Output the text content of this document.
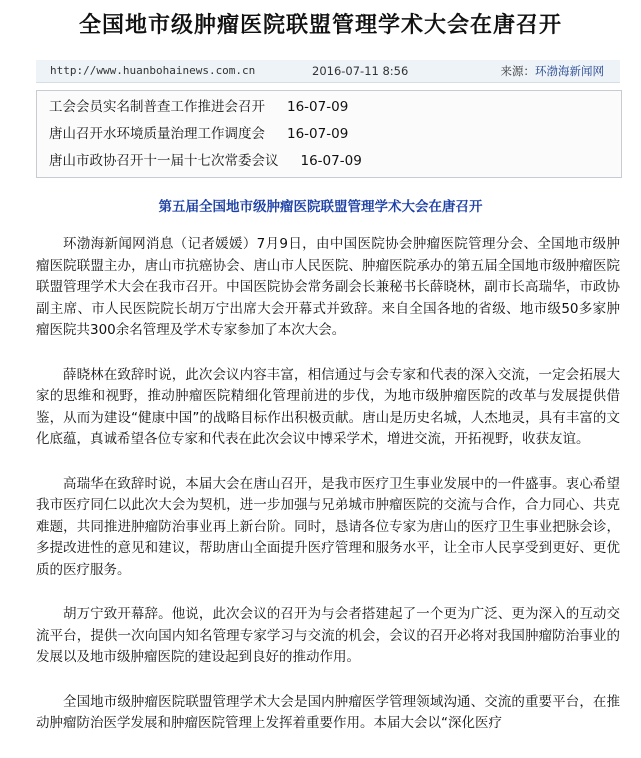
全国地市级肿瘤医院联盟管理学术大会在唐召开
http://www.huanbohainews.com.cn	2016-07-11 8:56	来源：环渤海新闻网
工会会员实名制普查工作推进会召开 16-07-09
唐山召开水环境质量治理工作调度会 16-07-09
唐山市政协召开十一届十七次常委会议 16-07-09
第五届全国地市级肿瘤医院联盟管理学术大会在唐召开

环渤海新闻网消息（记者媛媛）7月9日，由中国医院协会肿瘤医院管理分会、全国地市级肿瘤医院联盟主办，唐山市抗癌协会、唐山市人民医院、肿瘤医院承办的第五届全国地市级肿瘤医院联盟管理学术大会在我市召开。中国医院协会常务副会长兼秘书长薛晓林，副市长高瑞华，市政协副主席、市人民医院院长胡万宁出席大会开幕式并致辞。来自全国各地的省级、地市级50多家肿瘤医院共300余名管理及学术专家参加了本次大会。

薛晓林在致辞时说，此次会议内容丰富，相信通过与会专家和代表的深入交流，一定会拓展大家的思维和视野，推动肿瘤医院精细化管理前进的步伐，为地市级肿瘤医院的改革与发展提供借鉴，从而为建设“健康中国”的战略目标作出积极贡献。唐山是历史名城，人杰地灵，具有丰富的文化底蕴，真诚希望各位专家和代表在此次会议中博采学术，增进交流，开拓视野，收获友谊。

高瑞华在致辞时说，本届大会在唐山召开，是我市医疗卫生事业发展中的一件盛事。衷心希望我市医疗同仁以此次大会为契机，进一步加强与兄弟城市肿瘤医院的交流与合作，合力同心、共克难题，共同推进肿瘤防治事业再上新台阶。同时，恳请各位专家为唐山的医疗卫生事业把脉会诊，多提改进性的意见和建议，帮助唐山全面提升医疗管理和服务水平，让全市人民享受到更好、更优质的医疗服务。

胡万宁致开幕辞。他说，此次会议的召开为与会者搭建起了一个更为广泛、更为深入的互动交流平台，提供一次向国内知名管理专家学习与交流的机会，会议的召开必将对我国肿瘤防治事业的发展以及地市级肿瘤医院的建设起到良好的推动作用。

全国地市级肿瘤医院联盟管理学术大会是国内肿瘤医学管理领域沟通、交流的重要平台，在推动肿瘤防治医学发展和肿瘤医院管理上发挥着重要作用。本届大会以“深化医疗
